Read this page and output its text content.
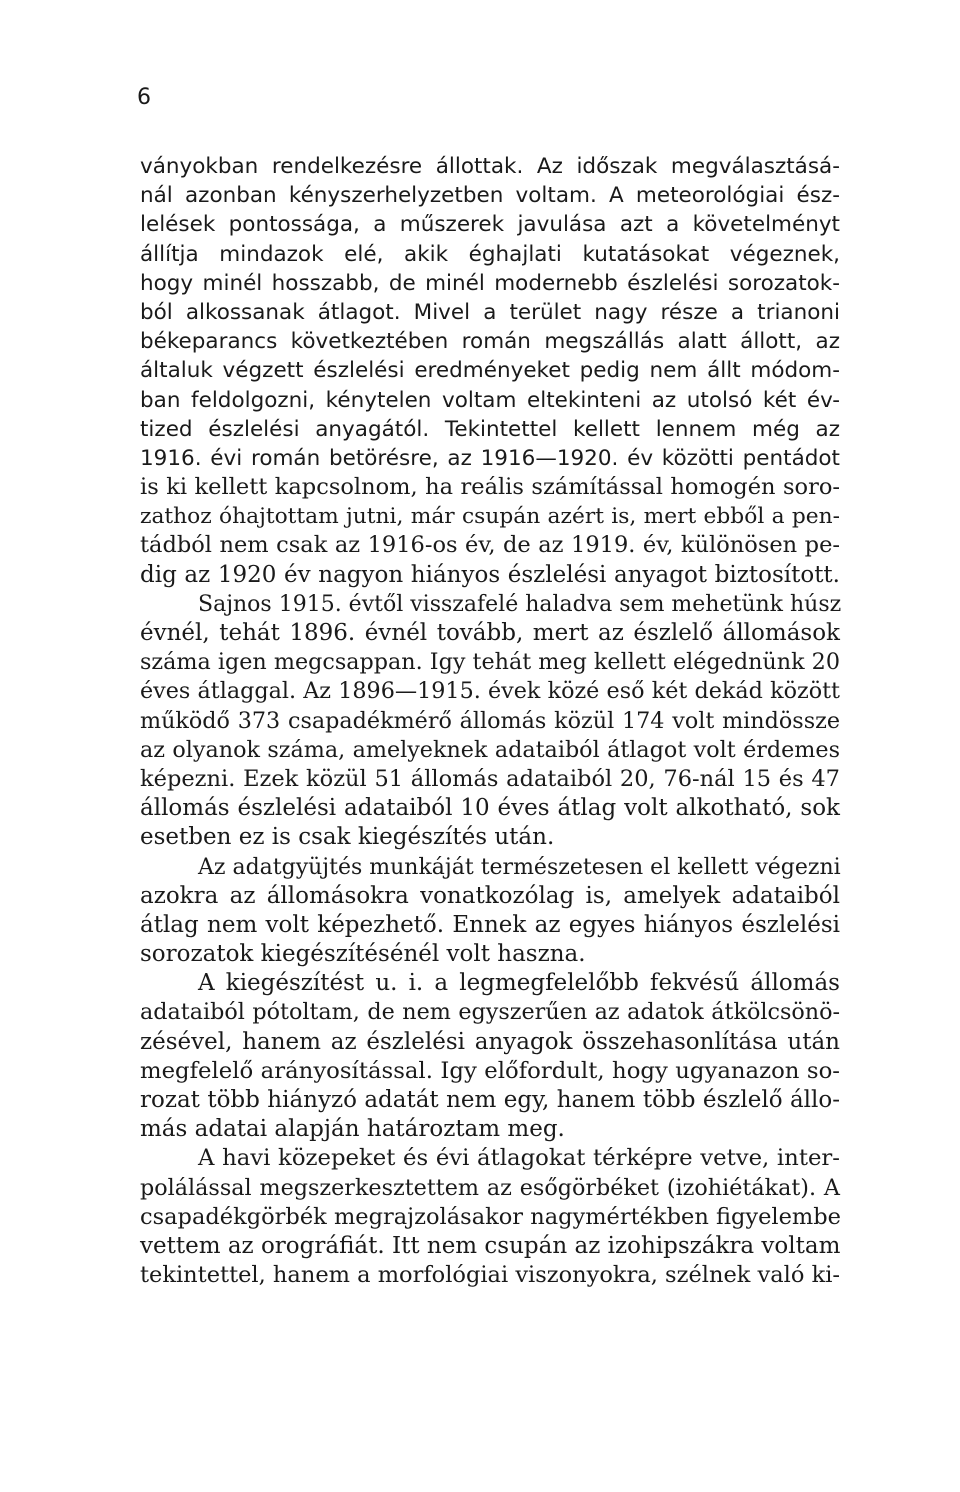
6
ványokban rendelkezésre állottak. Az időszak megválasztásá-
nál azonban kényszerhelyzetben voltam. A meteorológiai ész-
lelések pontossága, a műszerek javulása azt a követelményt
állítja mindazok elé, akik éghajlati kutatásokat végeznek,
hogy minél hosszabb, de minél modernebb észlelési sorozatok-
ból alkossanak átlagot. Mivel a terület nagy része a trianoni
békeparancs következtében román megszállás alatt állott, az
általuk végzett észlelési eredményeket pedig nem állt módom-
ban feldolgozni, kénytelen voltam eltekinteni az utolsó két év-
tized észlelési anyagától. Tekintettel kellett lennem még az
1916. évi román betörésre, az 1916—1920. év közötti pentádot
is ki kellett kapcsolnom, ha reális számítással homogén soro-
zathoz óhajtottam jutni, már csupán azért is, mert ebből a pen-
tádból nem csak az 1916-os év, de az 1919. év, különösen pe-
dig az 1920 év nagyon hiányos észlelési anyagot biztosított.
Sajnos 1915. évtől visszafelé haladva sem mehetünk húsz
évnél, tehát 1896. évnél tovább, mert az észlelő állomások
száma igen megcsappan. Igy tehát meg kellett elégednünk 20
éves átlaggal. Az 1896—1915. évek közé eső két dekád között
működő 373 csapadékmérő állomás közül 174 volt mindössze
az olyanok száma, amelyeknek adataiból átlagot volt érdemes
képezni. Ezek közül 51 állomás adataiból 20, 76-nál 15 és 47
állomás észlelési adataiból 10 éves átlag volt alkotható, sok
esetben ez is csak kiegészítés után.
Az adatgyüjtés munkáját természetesen el kellett végezni
azokra az állomásokra vonatkozólag is, amelyek adataiból
átlag nem volt képezhető. Ennek az egyes hiányos észlelési
sorozatok kiegészítésénél volt haszna.
A kiegészítést u. i. a legmegfelelőbb fekvésű állomás
adataiból pótoltam, de nem egyszerűen az adatok átkölcsönö-
zésével, hanem az észlelési anyagok összehasonlítása után
megfelelő arányosítással. Igy előfordult, hogy ugyanazon so-
rozat több hiányzó adatát nem egy, hanem több észlelő állo-
más adatai alapján határoztam meg.
A havi közepeket és évi átlagokat térképre vetve, inter-
polálással megszerkesztettem az esőgörbéket (izohiétákat). A
csapadékgörbék megrajzolásakor nagymértékben figyelembe
vettem az orográfiát. Itt nem csupán az izohipszákra voltam
tekintettel, hanem a morfológiai viszonyokra, szélnek való ki-
